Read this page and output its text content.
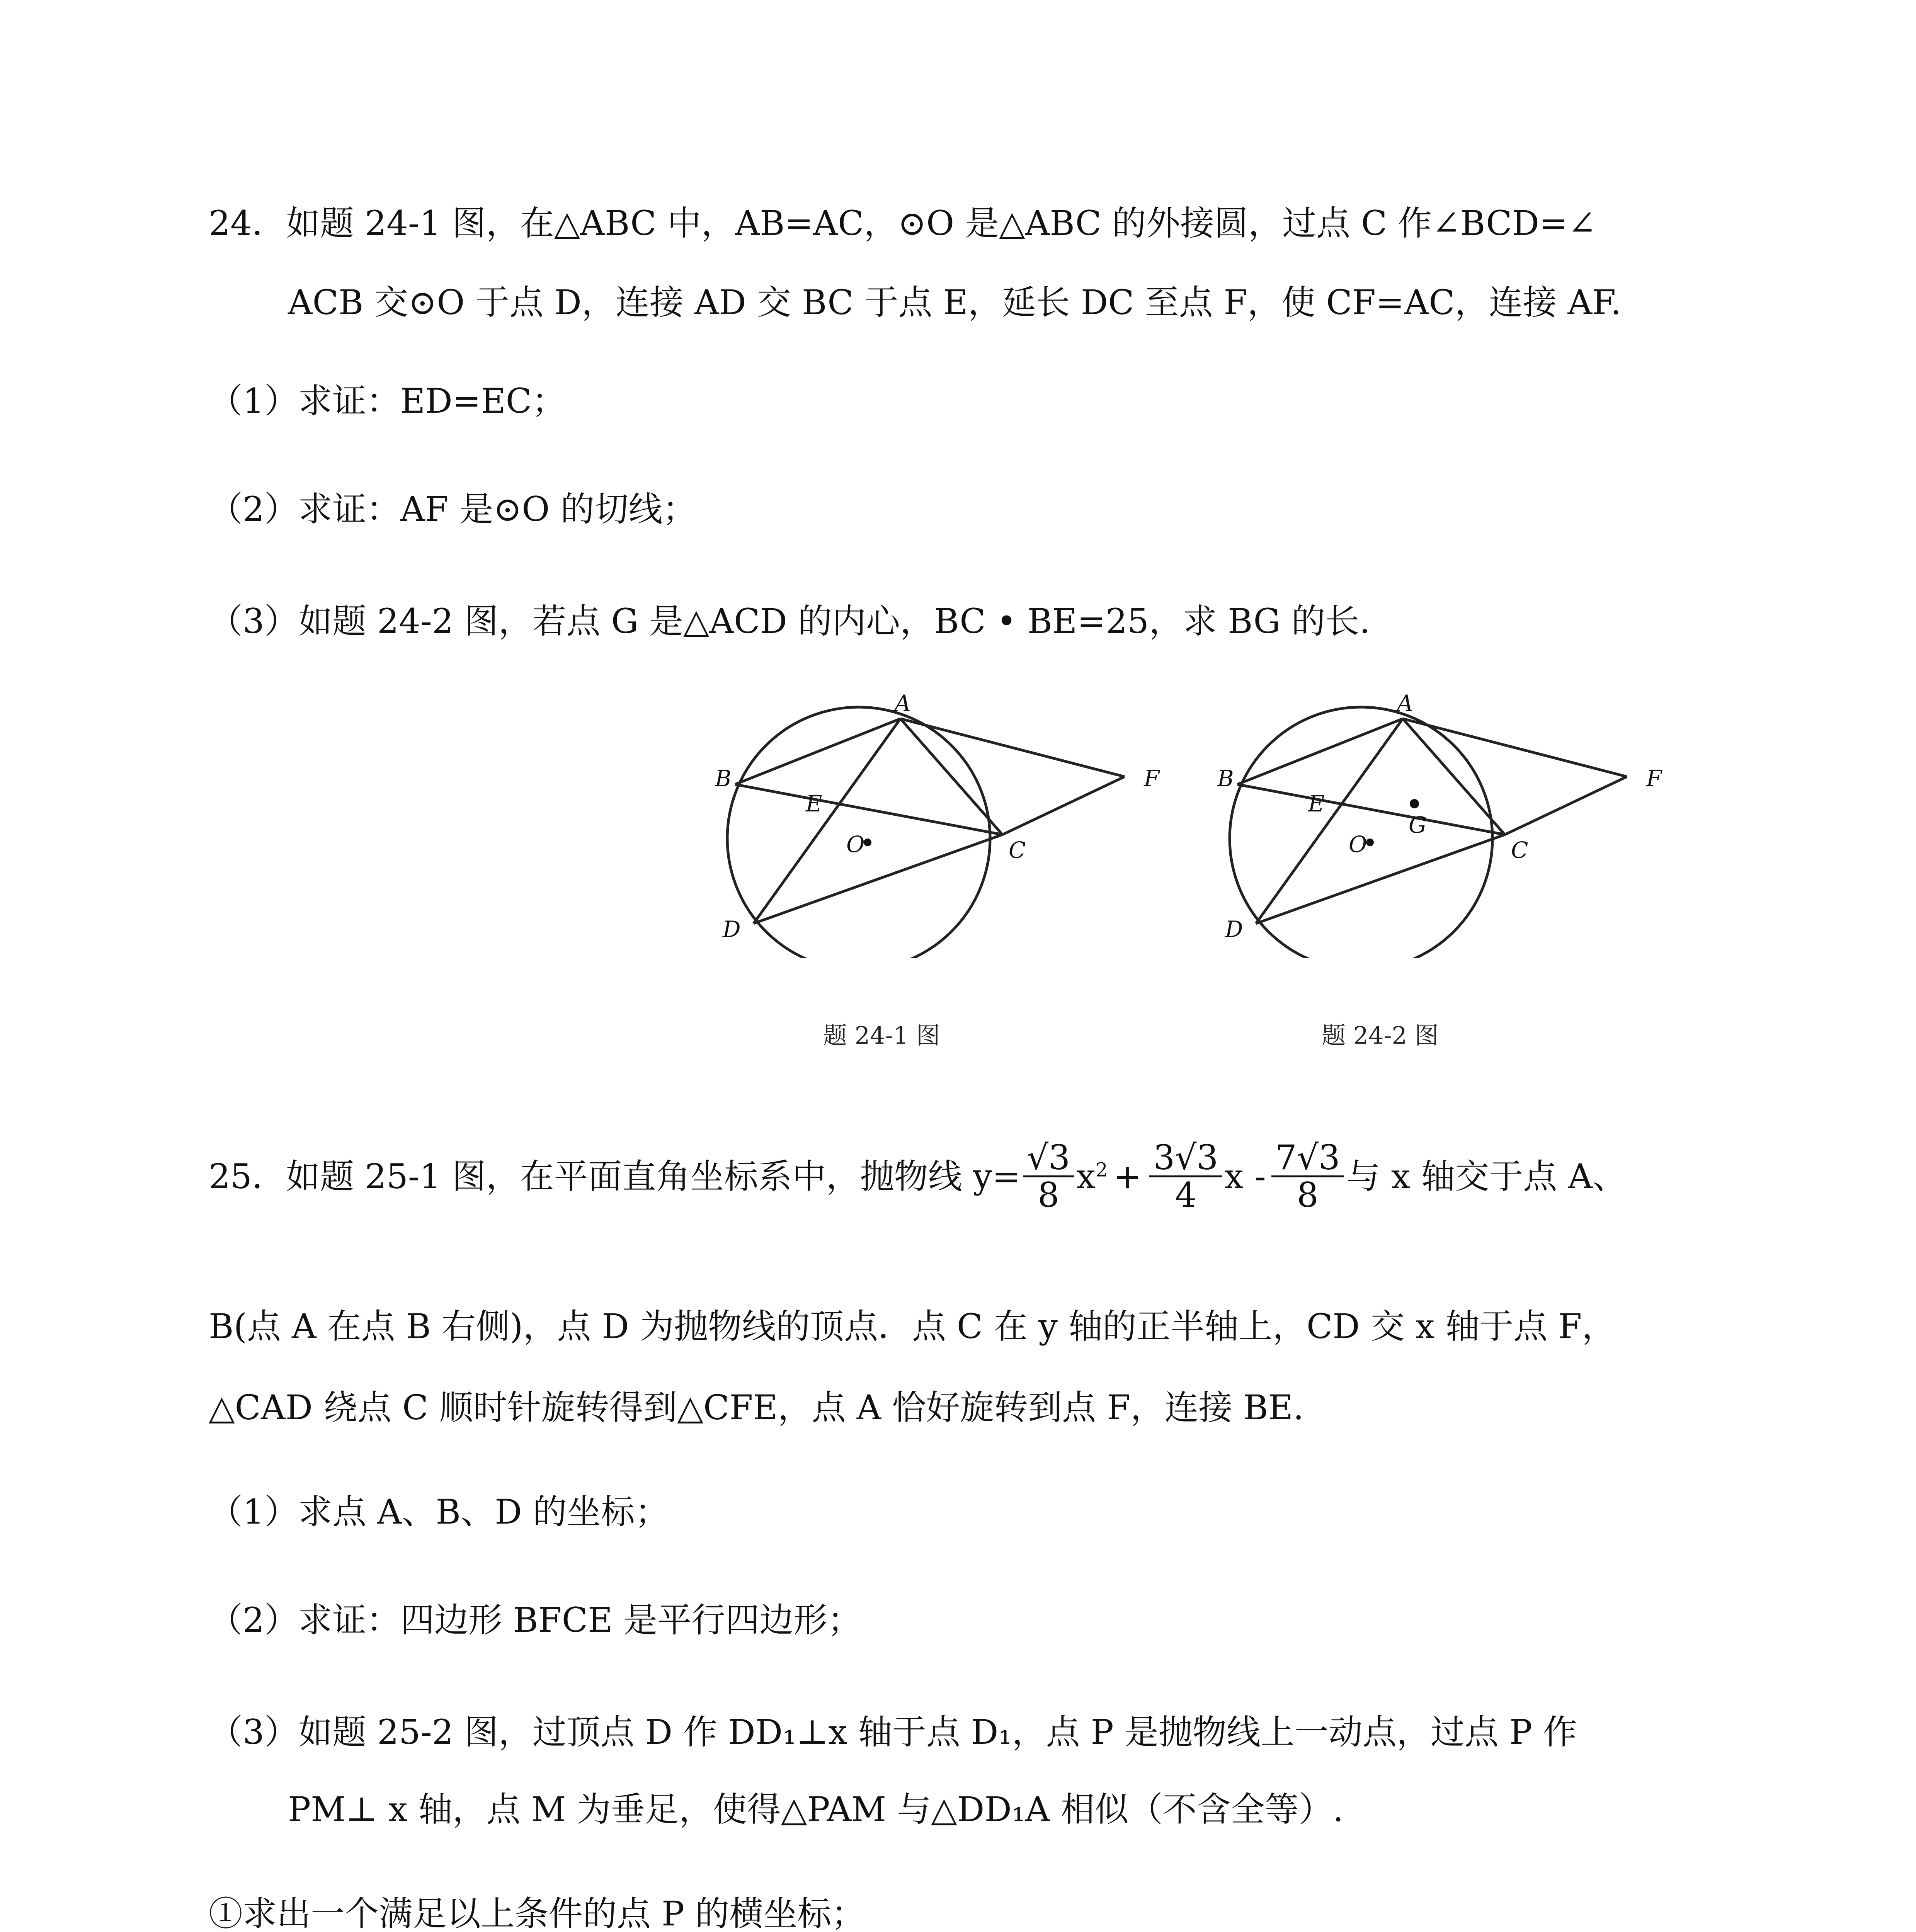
24．如题 24-1 图，在△ABC 中，AB=AC，⊙O 是△ABC 的外接圆，过点 C 作∠BCD=∠
ACB 交⊙O 于点 D，连接 AD 交 BC 于点 E，延长 DC 至点 F，使 CF=AC，连接 AF.
（1）求证：ED=EC；
（2）求证：AF 是⊙O 的切线；
（3）如题 24-2 图，若点 G 是△ACD 的内心，BC • BE=25，求 BG 的长.
A
B
C
D
E
F
O
题 24-1 图
A
B
C
D
E
F
O
G
题 24-2 图
25．如题 25-1 图，在平面直角坐标系中，抛物线 $y= \frac{√3}{8} x^2 + \frac{3√3}{4}$ x - $\frac{7√3}{8}$ 与 x 轴交于点 A、
B(点 A 在点 B 右侧)，点 D 为抛物线的顶点．点 C 在 y 轴的正半轴上，CD 交 x 轴于点 F，
△CAD 绕点 C 顺时针旋转得到△CFE，点 A 恰好旋转到点 F，连接 BE.
（1）求点 A、B、D 的坐标；
（2）求证：四边形 BFCE 是平行四边形；
（3）如题 25-2 图，过顶点 D 作 DD₁⊥x 轴于点 D₁，点 P 是抛物线上一动点，过点 P 作
PM⊥ x 轴，点 M 为垂足，使得△PAM 与△DD₁A 相似（不含全等）.
①求出一个满足以上条件的点 P 的横坐标；
